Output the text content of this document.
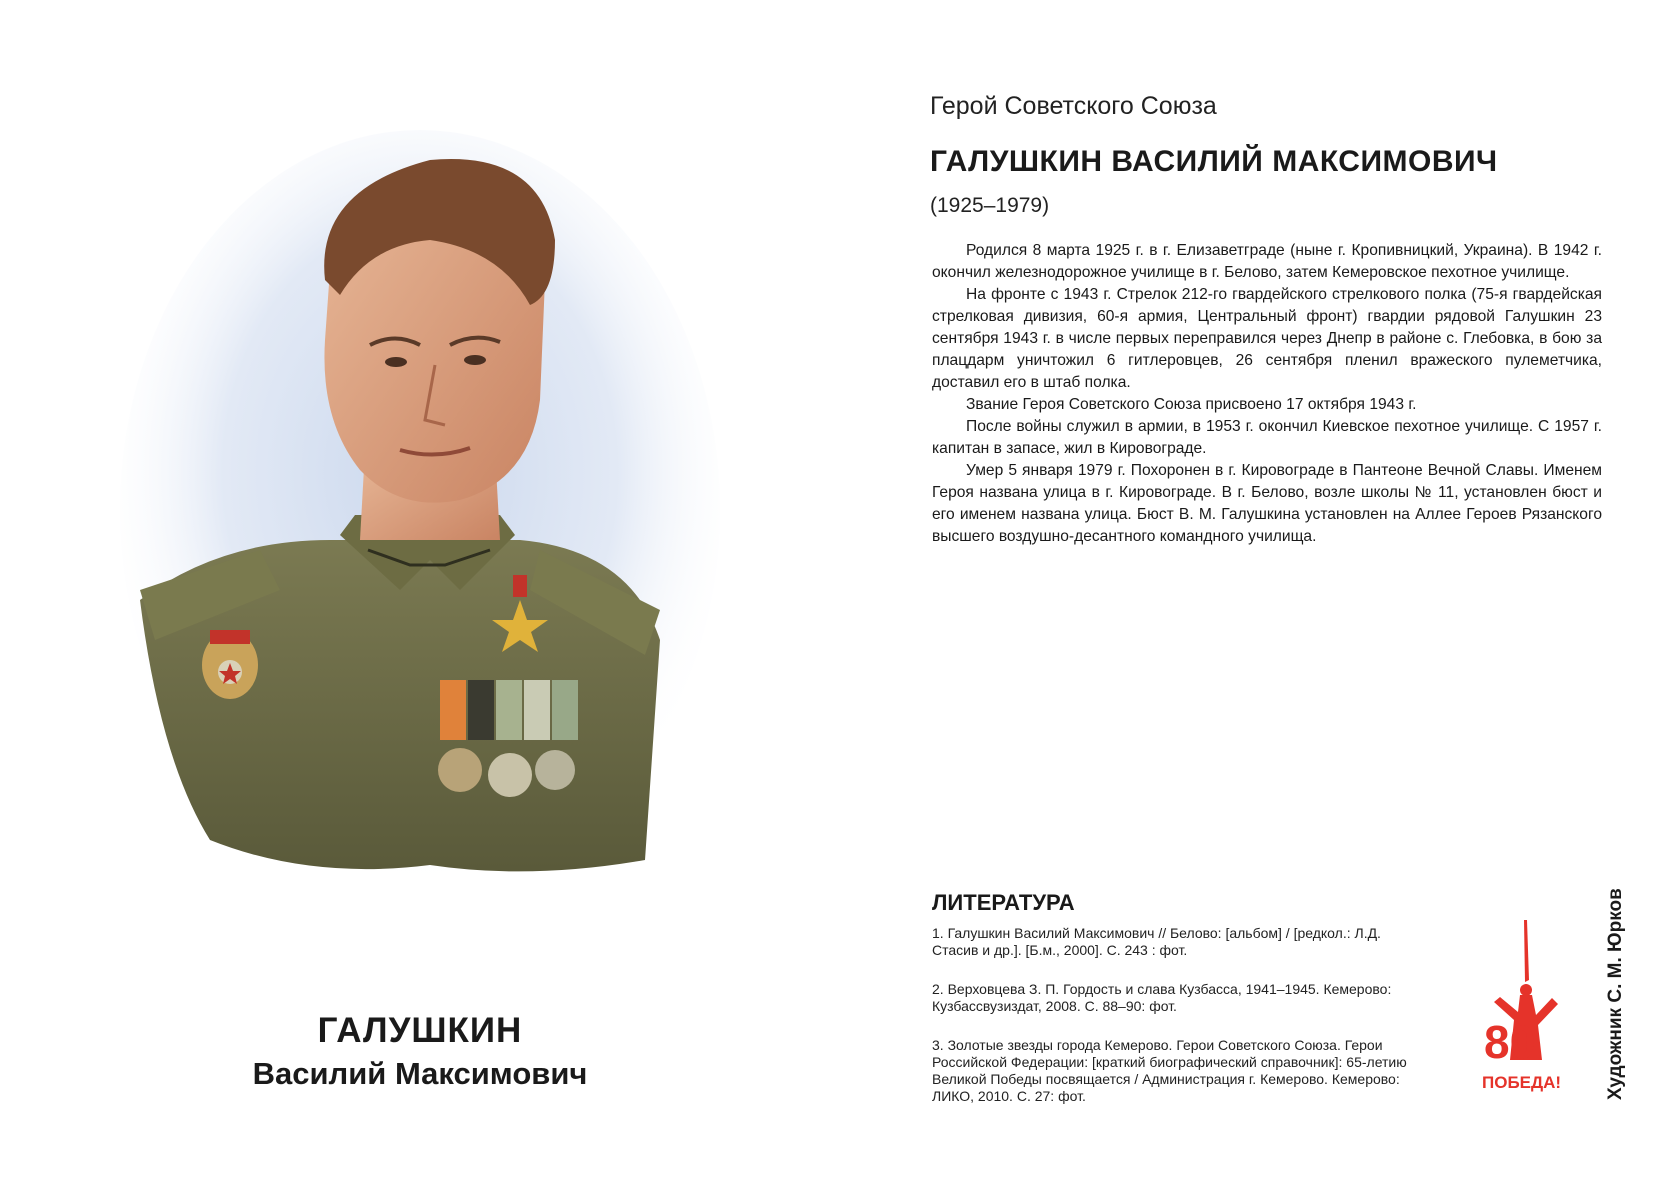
ГАЛУШКИН
Василий Максимович
Герой Советского Союза
ГАЛУШКИН ВАСИЛИЙ МАКСИМОВИЧ
(1925–1979)

Родился 8 марта 1925 г. в г. Елизаветграде (ныне г. Кропивницкий, Украина). В 1942 г. окончил железнодорожное училище в г. Белово, затем Кемеровское пехотное училище.

На фронте с 1943 г. Стрелок 212-го гвардейского стрелкового полка (75-я гвардейская стрелковая дивизия, 60-я армия, Центральный фронт) гвардии рядовой Галушкин 23 сентября 1943 г. в числе первых переправился через Днепр в районе с. Глебовка, в бою за плацдарм уничтожил 6 гитлеровцев, 26 сентября пленил вражеского пулеметчика, доставил его в штаб полка.

Звание Героя Советского Союза присвоено 17 октября 1943 г.

После войны служил в армии, в 1953 г. окончил Киевское пехотное училище. С 1957 г. капитан в запасе, жил в Кировограде.

Умер 5 января 1979 г. Похоронен в г. Кировограде в Пантеоне Вечной Славы. Именем Героя названа улица в г. Кировограде. В г. Белово, возле школы № 11, установлен бюст и его именем названа улица. Бюст В. М. Галушкина установлен на Аллее Героев Рязанского высшего воздушно-десантного командного училища.

ЛИТЕРАТУРА
1. Галушкин Василий Максимович // Белово: [альбом] / [редкол.: Л.Д. Стасив и др.]. [Б.м., 2000]. С. 243 : фот.
2. Верховцева З. П. Гордость и слава Кузбасса, 1941–1945. Кемерово: Кузбассвузиздат, 2008. С. 88–90: фот.
3. Золотые звезды города Кемерово. Герои Советского Союза. Герои Российской Федерации: [краткий биографический справочник]: 65-летию Великой Победы посвящается / Администрация г. Кемерово. Кемерово: ЛИКО, 2010. С. 27: фот.
80
ПОБЕДА! Художник С. М. Юрков
